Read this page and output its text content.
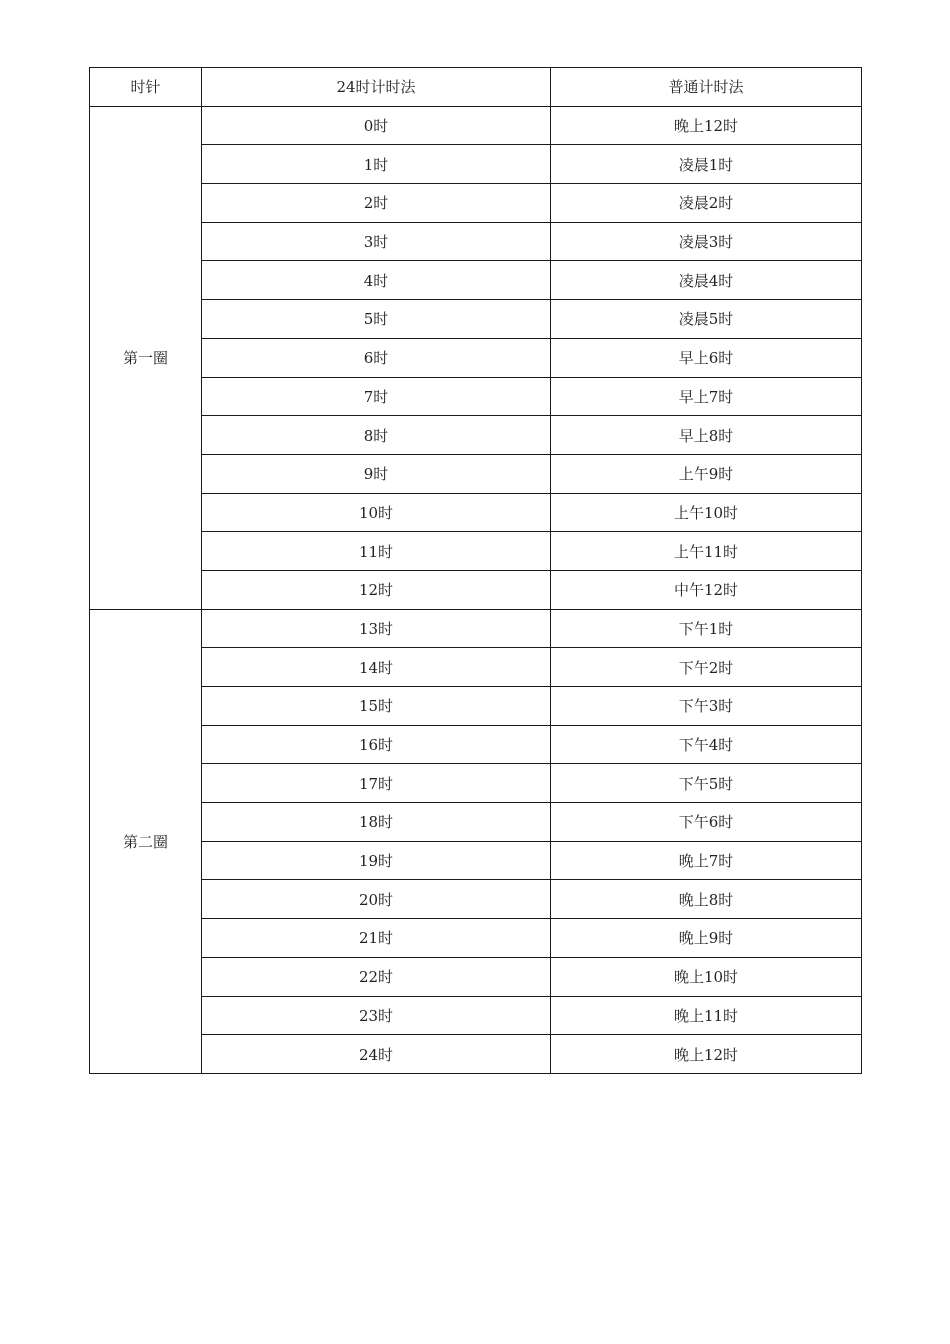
时针	24时计时法	普通计时法
第一圈	0时	晚上12时
	1时	凌晨1时
	2时	凌晨2时
	3时	凌晨3时
	4时	凌晨4时
	5时	凌晨5时
	6时	早上6时
	7时	早上7时
	8时	早上8时
	9时	上午9时
	10时	上午10时
	11时	上午11时
	12时	中午12时
第二圈	13时	下午1时
	14时	下午2时
	15时	下午3时
	16时	下午4时
	17时	下午5时
	18时	下午6时
	19时	晚上7时
	20时	晚上8时
	21时	晚上9时
	22时	晚上10时
	23时	晚上11时
	24时	晚上12时
